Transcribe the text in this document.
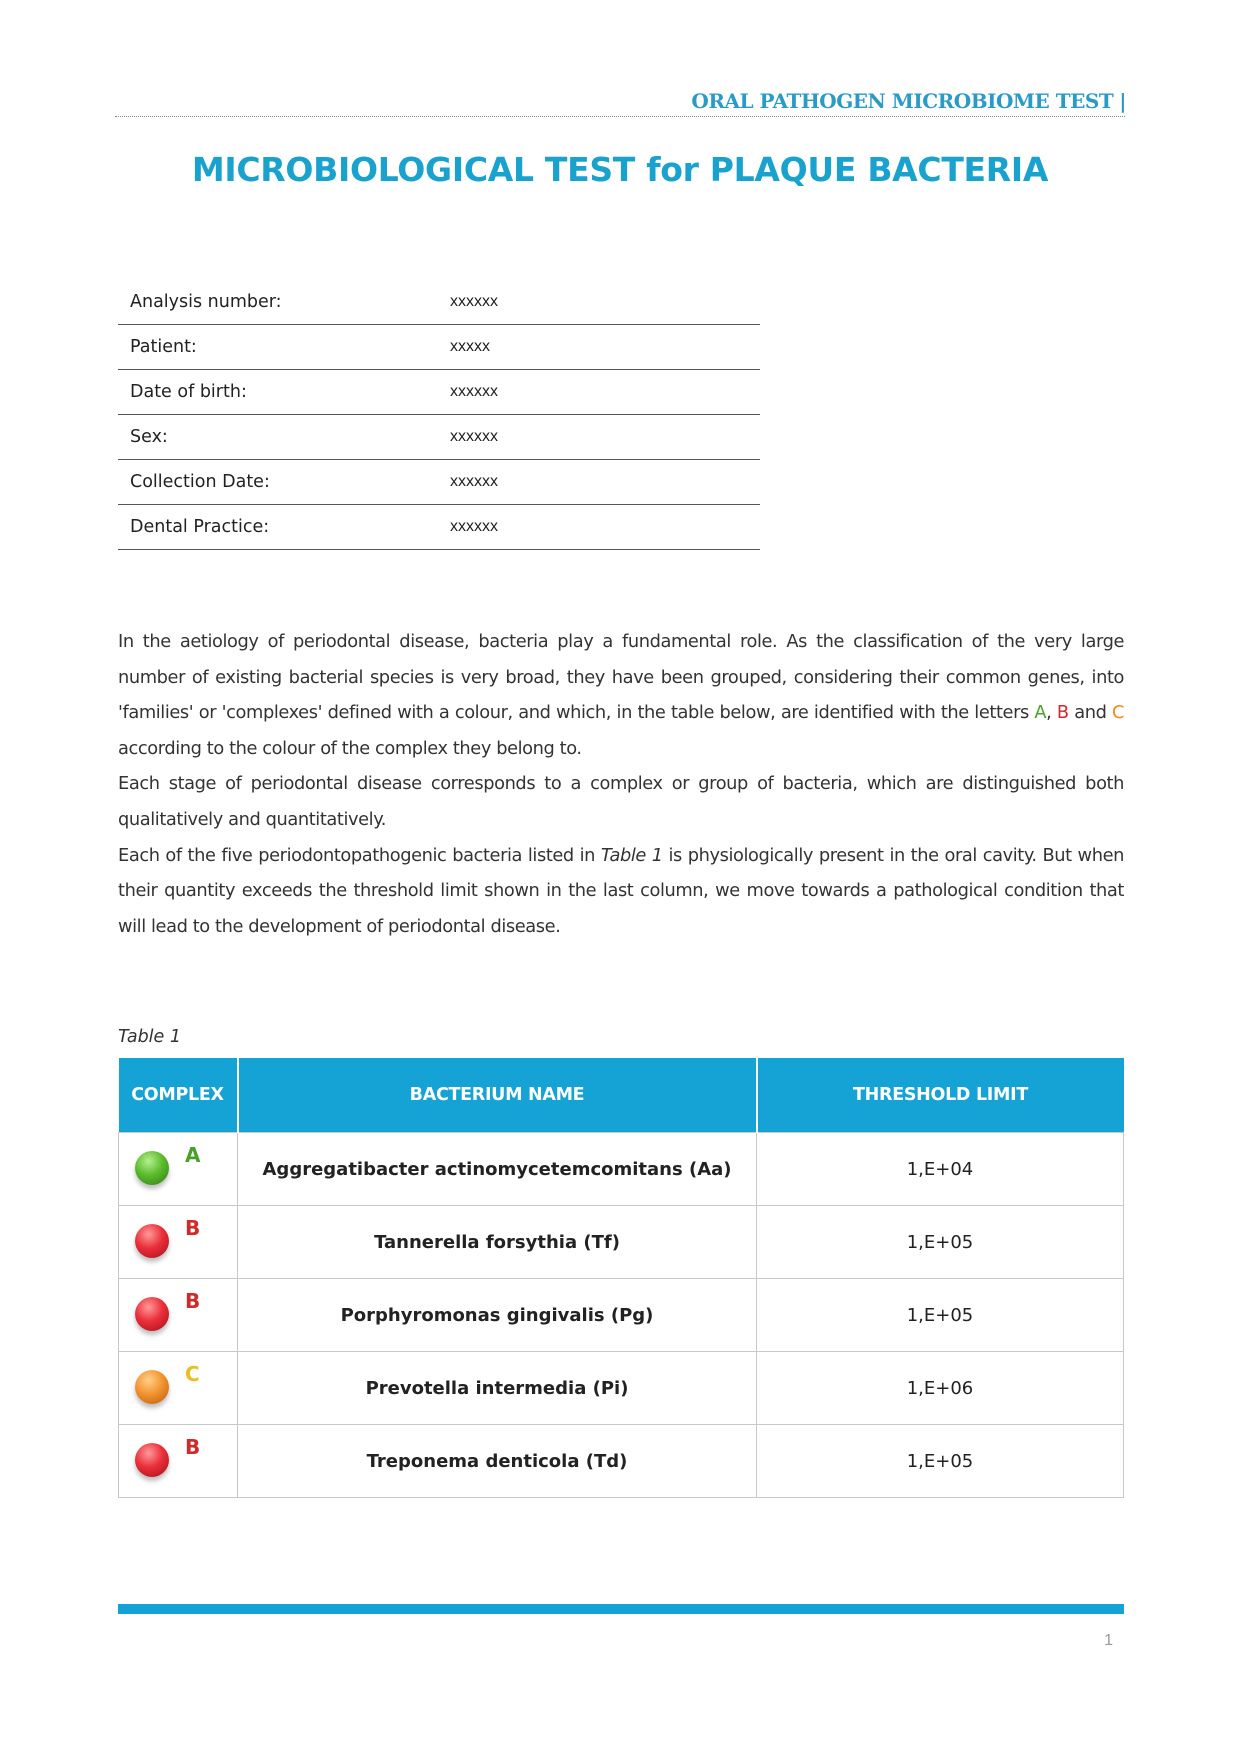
ORAL PATHOGEN MICROBIOME TEST |
MICROBIOLOGICAL TEST for PLAQUE BACTERIA
Analysis number:	xxxxxx
Patient:	xxxxx
Date of birth:	xxxxxx
Sex:	xxxxxx
Collection Date:	xxxxxx
Dental Practice:	xxxxxx

In the aetiology of periodontal disease, bacteria play a fundamental role. As the classification of the very large number of existing bacterial species is very broad, they have been grouped, considering their common genes, into 'families' or 'complexes' defined with a colour, and which, in the table below, are identified with the letters A, B and C according to the colour of the complex they belong to.

Each stage of periodontal disease corresponds to a complex or group of bacteria, which are distinguished both qualitatively and quantitatively.

Each of the five periodontopathogenic bacteria listed in Table 1 is physiologically present in the oral cavity. But when their quantity exceeds the threshold limit shown in the last column, we move towards a pathological condition that will lead to the development of periodontal disease.

Table 1
COMPLEX	BACTERIUM NAME	THRESHOLD LIMIT

A	Aggregatibacter actinomycetemcomitans (Aa)	1,E+04

B	Tannerella forsythia (Tf)	1,E+05

B	Porphyromonas gingivalis (Pg)	1,E+05

C	Prevotella intermedia (Pi)	1,E+06

B	Treponema denticola (Td)	1,E+05
1
